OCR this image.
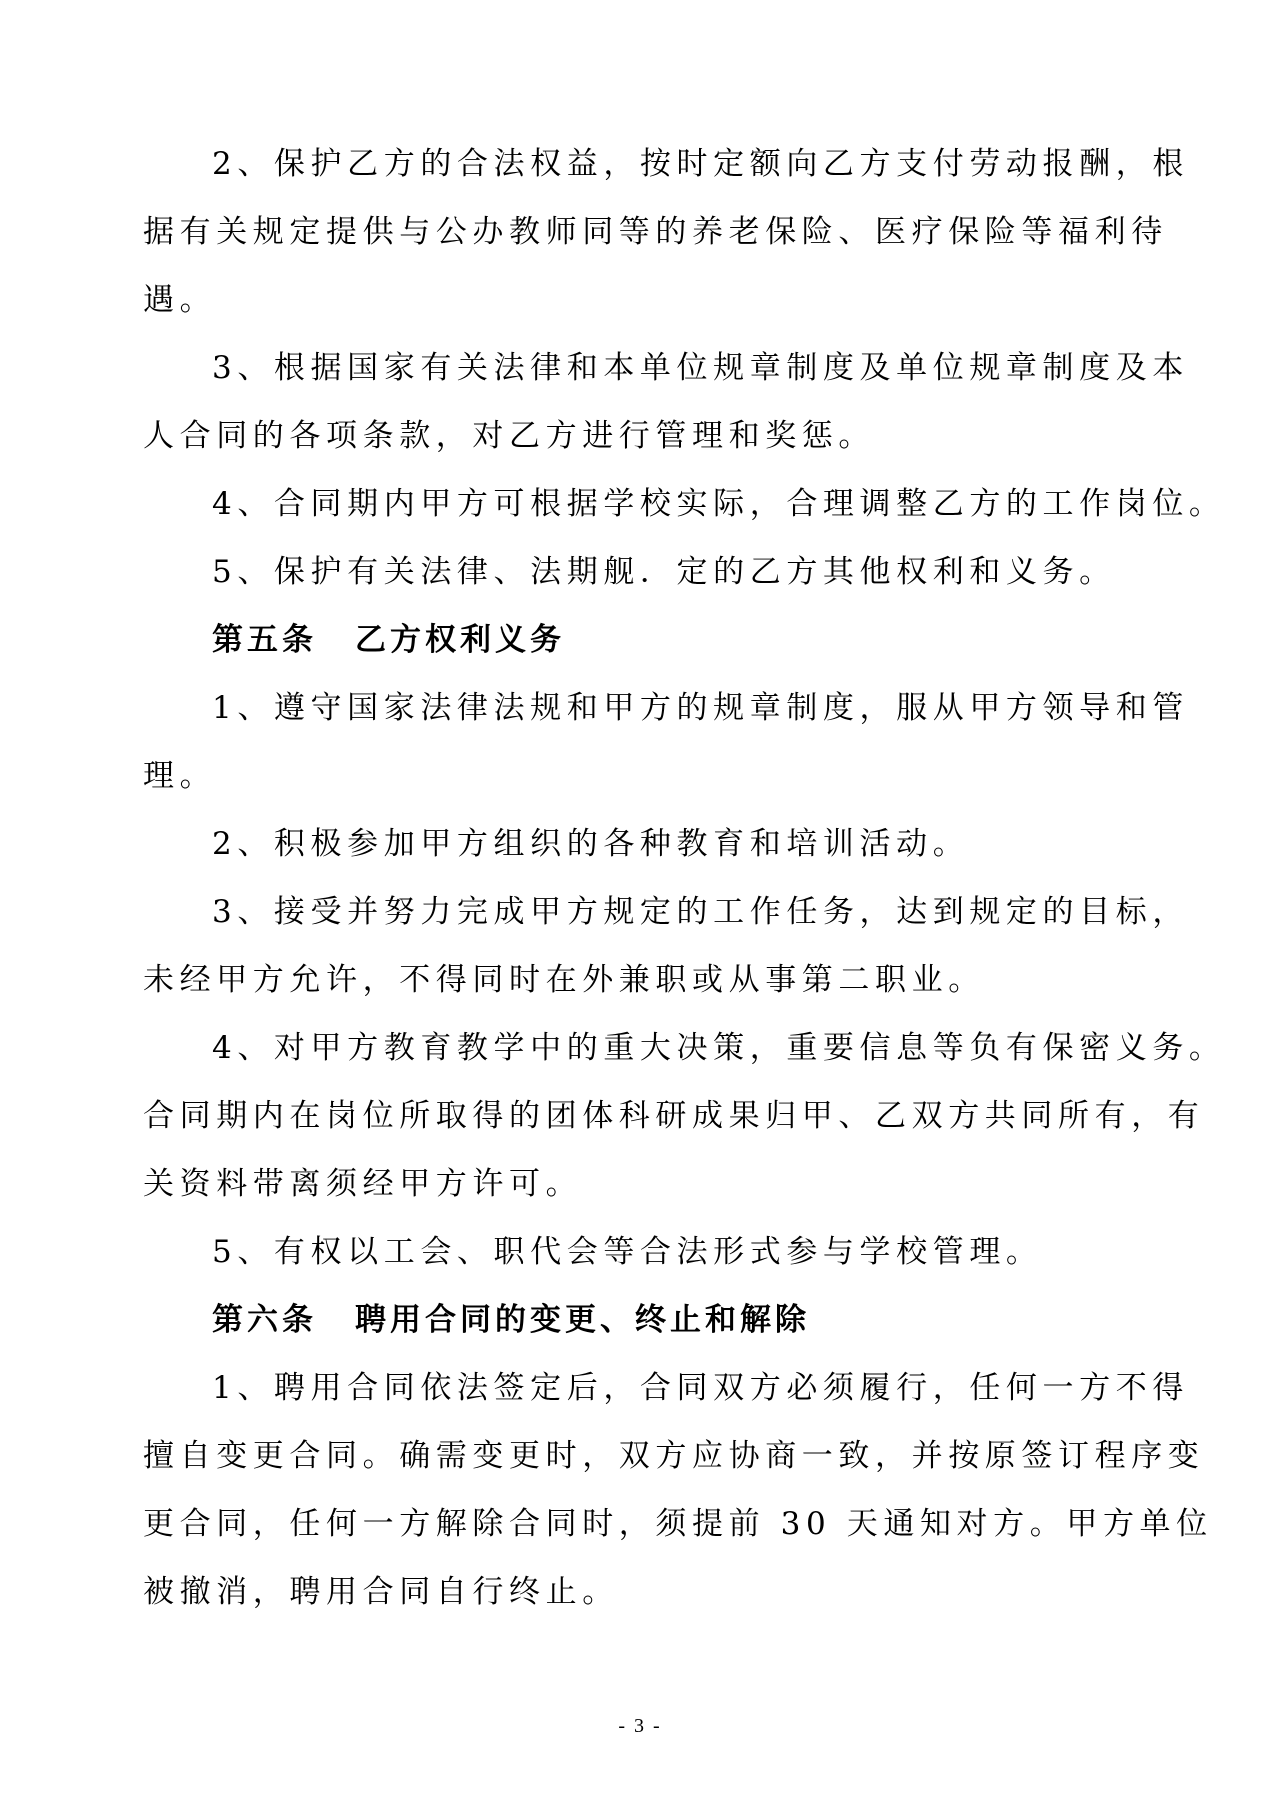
2、保护乙方的合法权益，按时定额向乙方支付劳动报酬，根
据有关规定提供与公办教师同等的养老保险、医疗保险等福利待
遇。
3、根据国家有关法律和本单位规章制度及单位规章制度及本
人合同的各项条款，对乙方进行管理和奖惩。
4、合同期内甲方可根据学校实际，合理调整乙方的工作岗位。
5、保护有关法律、法期舰．定的乙方其他权利和义务。
第五条 乙方权利义务
1、遵守国家法律法规和甲方的规章制度，服从甲方领导和管
理。
2、积极参加甲方组织的各种教育和培训活动。
3、接受并努力完成甲方规定的工作任务，达到规定的目标，
未经甲方允许，不得同时在外兼职或从事第二职业。
4、对甲方教育教学中的重大决策，重要信息等负有保密义务。
合同期内在岗位所取得的团体科研成果归甲、乙双方共同所有，有
关资料带离须经甲方许可。
5、有权以工会、职代会等合法形式参与学校管理。
第六条 聘用合同的变更、终止和解除
1、聘用合同依法签定后，合同双方必须履行，任何一方不得
擅自变更合同。确需变更时，双方应协商一致，并按原签订程序变
更合同，任何一方解除合同时，须提前 30 天通知对方。甲方单位
被撤消，聘用合同自行终止。
- 3 -
